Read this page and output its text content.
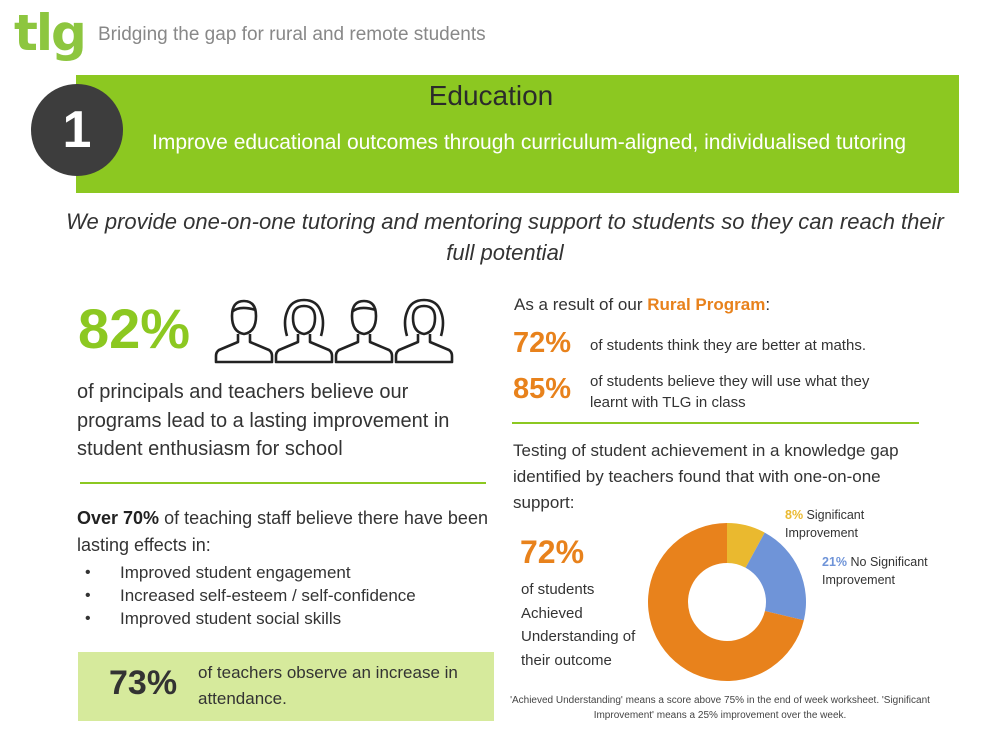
tlg Bridging the gap for rural and remote students
1
Education
Improve educational outcomes through curriculum-aligned, individualised tutoring
We provide one-on-one tutoring and mentoring support to students so they can reach their full potential
82%
of principals and teachers believe our programs lead to a lasting improvement in student enthusiasm for school
Over 70% of teaching staff believe there have been lasting effects in:
• Improved student engagement
• Increased self-esteem / self-confidence
• Improved student social skills
73% of teachers observe an increase in attendance.
As a result of our Rural Program:
72% of students think they are better at maths.
85% of students believe they will use what they learnt with TLG in class
Testing of student achievement in a knowledge gap identified by teachers found that with one-on-one support:
72%
of students Achieved Understanding of their outcome
8% Significant Improvement
21% No Significant Improvement
'Achieved Understanding' means a score above 75% in the end of week worksheet. 'Significant Improvement' means a 25% improvement over the week.
